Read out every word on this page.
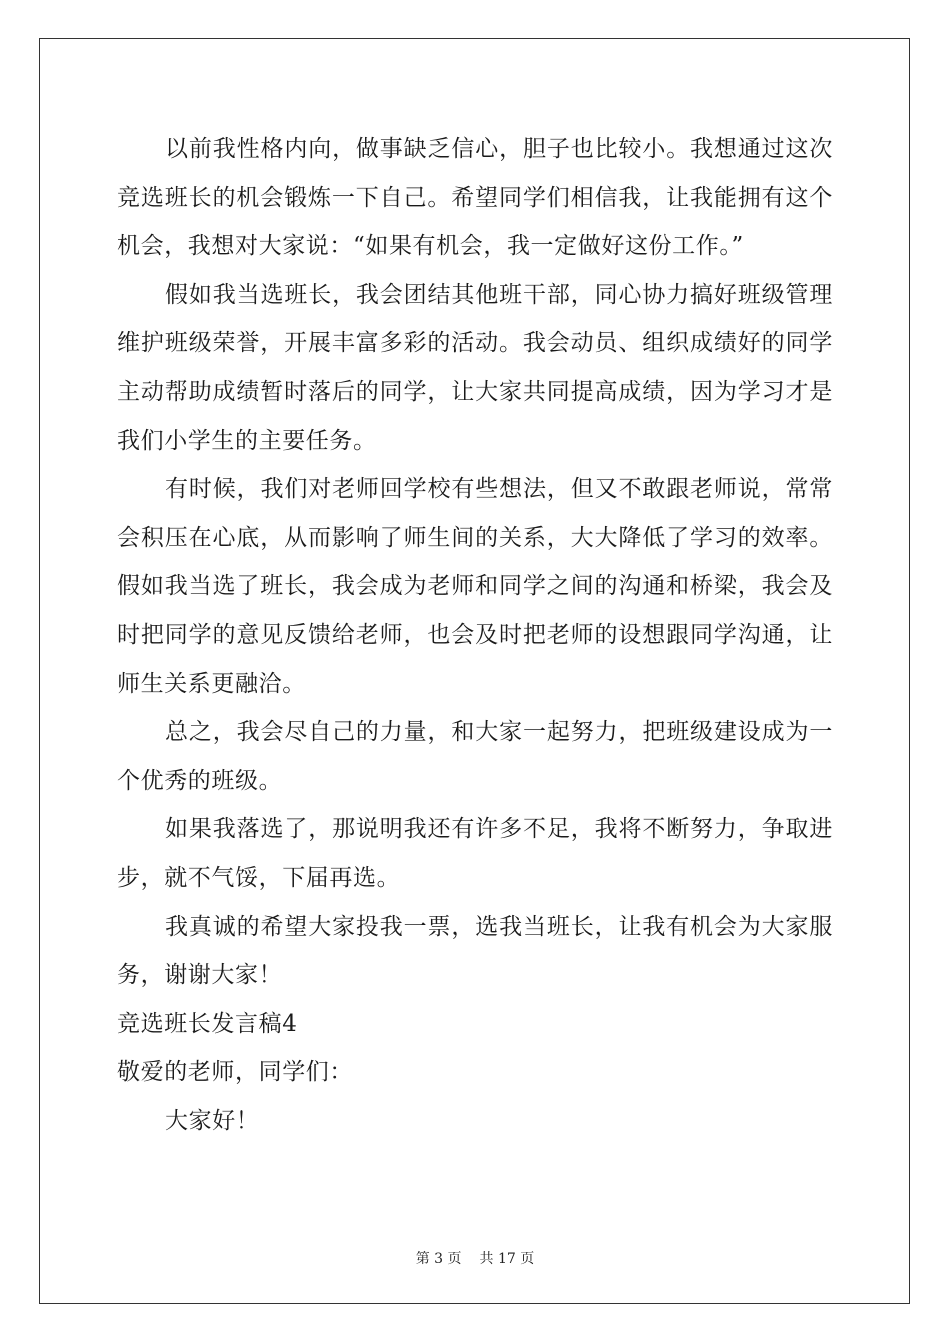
以前我性格内向，做事缺乏信心，胆子也比较小。我想通过这次竞选班长的机会锻炼一下自己。希望同学们相信我，让我能拥有这个机会，我想对大家说：“如果有机会，我一定做好这份工作。”

假如我当选班长，我会团结其他班干部，同心协力搞好班级管理维护班级荣誉，开展丰富多彩的活动。我会动员、组织成绩好的同学主动帮助成绩暂时落后的同学，让大家共同提高成绩，因为学习才是我们小学生的主要任务。

有时候，我们对老师回学校有些想法，但又不敢跟老师说，常常会积压在心底，从而影响了师生间的关系，大大降低了学习的效率。假如我当选了班长，我会成为老师和同学之间的沟通和桥梁，我会及时把同学的意见反馈给老师，也会及时把老师的设想跟同学沟通，让师生关系更融洽。

总之，我会尽自己的力量，和大家一起努力，把班级建设成为一个优秀的班级。

如果我落选了，那说明我还有许多不足，我将不断努力，争取进步，就不气馁，下届再选。

我真诚的希望大家投我一票，选我当班长，让我有机会为大家服务，谢谢大家！

竞选班长发言稿4

敬爱的老师，同学们：

大家好！

第 3 页 共 17 页
